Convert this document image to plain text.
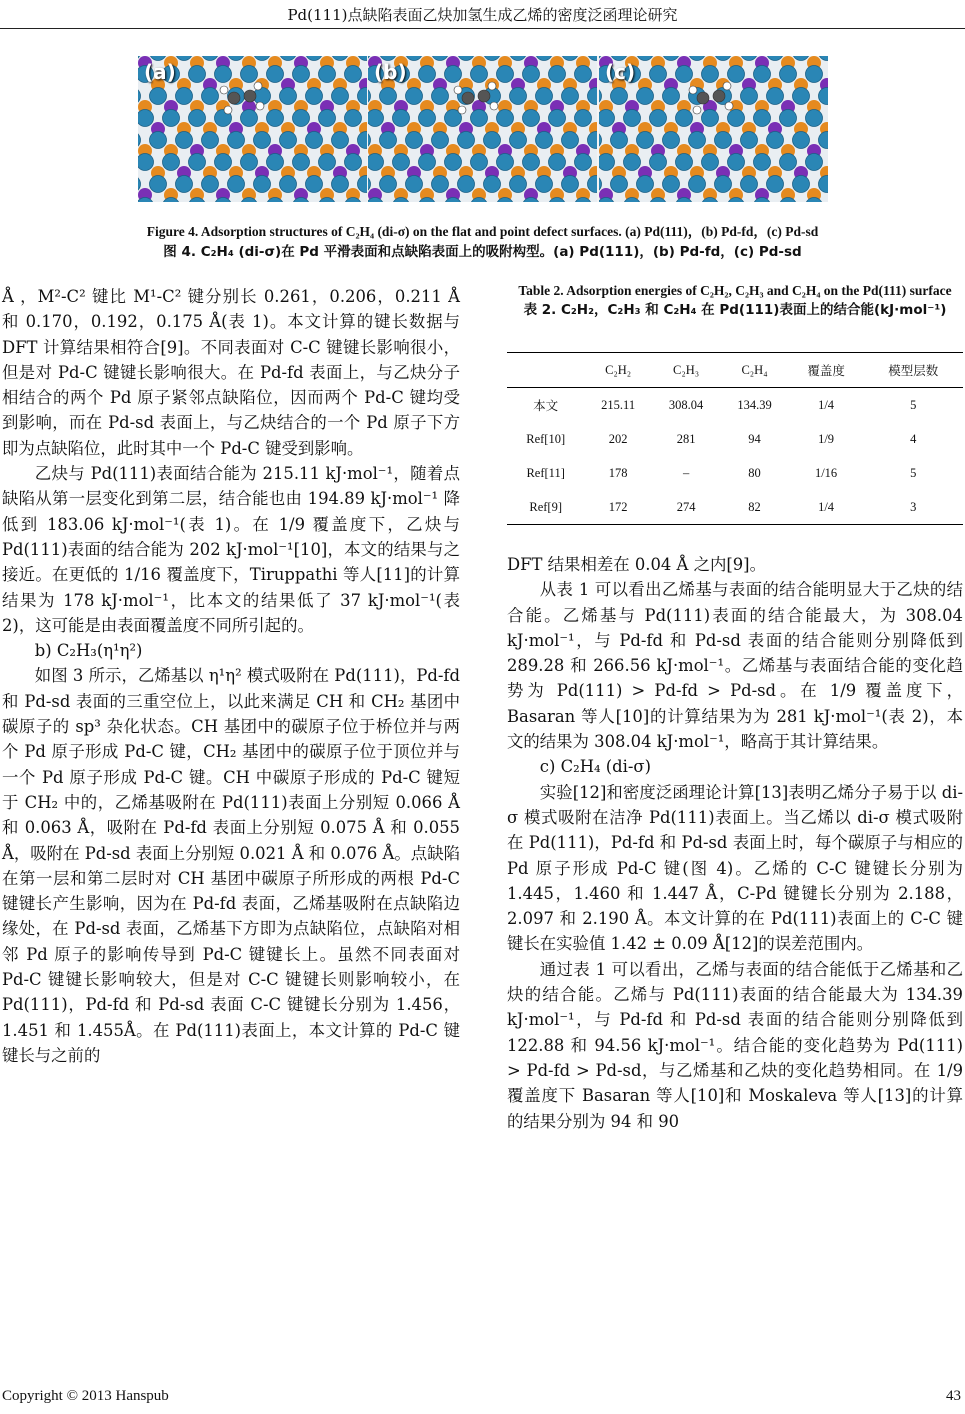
Pd(111)点缺陷表面乙炔加氢生成乙烯的密度泛函理论研究
(a)	(b)	(c)
Figure 4. Adsorption structures of C₂H₄ (di-σ) on the flat and point defect surfaces. (a) Pd(111)，(b) Pd-fd，(c) Pd-sd
图 4. C₂H₄ (di-σ)在 Pd 平滑表面和点缺陷表面上的吸附构型。(a) Pd(111)，(b) Pd-fd，(c) Pd-sd

Å ，M²-C² 键比 M¹-C² 键分别长 0.261，0.206，0.211 Å 和 0.170，0.192，0.175 Å(表 1)。本文计算的键长数据与 DFT 计算结果相符合[9]。不同表面对 C-C 键键长影响很小，但是对 Pd-C 键键长影响很大。在 Pd-fd 表面上，与乙炔分子相结合的两个 Pd 原子紧邻点缺陷位，因而两个 Pd-C 键均受到影响，而在 Pd-sd 表面上，与乙炔结合的一个 Pd 原子下方即为点缺陷位，此时其中一个 Pd-C 键受到影响。

乙炔与 Pd(111)表面结合能为 215.11 kJ·mol⁻¹，随着点缺陷从第一层变化到第二层，结合能也由 194.89 kJ·mol⁻¹ 降低到 183.06 kJ·mol⁻¹(表 1)。在 1/9 覆盖度下，乙炔与 Pd(111)表面的结合能为 202 kJ·mol⁻¹[10]，本文的结果与之接近。在更低的 1/16 覆盖度下，Tiruppathi 等人[11]的计算结果为 178 kJ·mol⁻¹，比本文的结果低了 37 kJ·mol⁻¹(表 2)，这可能是由表面覆盖度不同所引起的。

b) C₂H₃(η¹η²)

如图 3 所示，乙烯基以 η¹η² 模式吸附在 Pd(111)，Pd-fd 和 Pd-sd 表面的三重空位上，以此来满足 CH 和 CH₂ 基团中碳原子的 sp³ 杂化状态。CH 基团中的碳原子位于桥位并与两个 Pd 原子形成 Pd-C 键，CH₂ 基团中的碳原子位于顶位并与一个 Pd 原子形成 Pd-C 键。CH 中碳原子形成的 Pd-C 键短于 CH₂ 中的，乙烯基吸附在 Pd(111)表面上分别短 0.066 Å 和 0.063 Å，吸附在 Pd-fd 表面上分别短 0.075 Å 和 0.055 Å，吸附在 Pd-sd 表面上分别短 0.021 Å 和 0.076 Å。点缺陷在第一层和第二层时对 CH 基团中碳原子所形成的两根 Pd-C 键键长产生影响，因为在 Pd-fd 表面，乙烯基吸附在点缺陷边缘处，在 Pd-sd 表面，乙烯基下方即为点缺陷位，点缺陷对相邻 Pd 原子的影响传导到 Pd-C 键键长上。虽然不同表面对 Pd-C 键键长影响较大，但是对 C-C 键键长则影响较小，在 Pd(111)，Pd-fd 和 Pd-sd 表面 C-C 键键长分别为 1.456，1.451 和 1.455Å。在 Pd(111)表面上，本文计算的 Pd-C 键键长与之前的

Table 2. Adsorption energies of C₂H₂, C₂H₃ and C₂H₄ on the Pd(111) surface
表 2. C₂H₂，C₂H₃ 和 C₂H₄ 在 Pd(111)表面上的结合能(kJ·mol⁻¹)
	C₂H₂	C₂H₃	C₂H₄	覆盖度	模型层数
本文	215.11	308.04	134.39	1/4	5
Ref[10]	202	281	94	1/9	4
Ref[11]	178	–	80	1/16	5
Ref[9]	172	274	82	1/4	3

DFT 结果相差在 0.04 Å 之内[9]。

从表 1 可以看出乙烯基与表面的结合能明显大于乙炔的结合能。乙烯基与 Pd(111)表面的结合能最大，为 308.04 kJ·mol⁻¹，与 Pd-fd 和 Pd-sd 表面的结合能则分别降低到 289.28 和 266.56 kJ·mol⁻¹。乙烯基与表面结合能的变化趋势为 Pd(111) > Pd-fd > Pd-sd。在 1/9 覆盖度下，Basaran 等人[10]的计算结果为为 281 kJ·mol⁻¹(表 2)，本文的结果为 308.04 kJ·mol⁻¹，略高于其计算结果。

c) C₂H₄ (di-σ)

实验[12]和密度泛函理论计算[13]表明乙烯分子易于以 di-σ 模式吸附在洁净 Pd(111)表面上。当乙烯以 di-σ 模式吸附在 Pd(111)，Pd-fd 和 Pd-sd 表面上时，每个碳原子与相应的 Pd 原子形成 Pd-C 键(图 4)。乙烯的 C-C 键键长分别为 1.445，1.460 和 1.447 Å，C-Pd 键键长分别为 2.188，2.097 和 2.190 Å。本文计算的在 Pd(111)表面上的 C-C 键键长在实验值 1.42 ± 0.09 Å[12]的误差范围内。

通过表 1 可以看出，乙烯与表面的结合能低于乙烯基和乙炔的结合能。乙烯与 Pd(111)表面的结合能最大为 134.39 kJ·mol⁻¹，与 Pd-fd 和 Pd-sd 表面的结合能则分别降低到 122.88 和 94.56 kJ·mol⁻¹。结合能的变化趋势为 Pd(111) > Pd-fd > Pd-sd，与乙烯基和乙炔的变化趋势相同。在 1/9 覆盖度下 Basaran 等人[10]和 Moskaleva 等人[13]的计算的结果分别为 94 和 90

Copyright © 2013 Hanspub	43
